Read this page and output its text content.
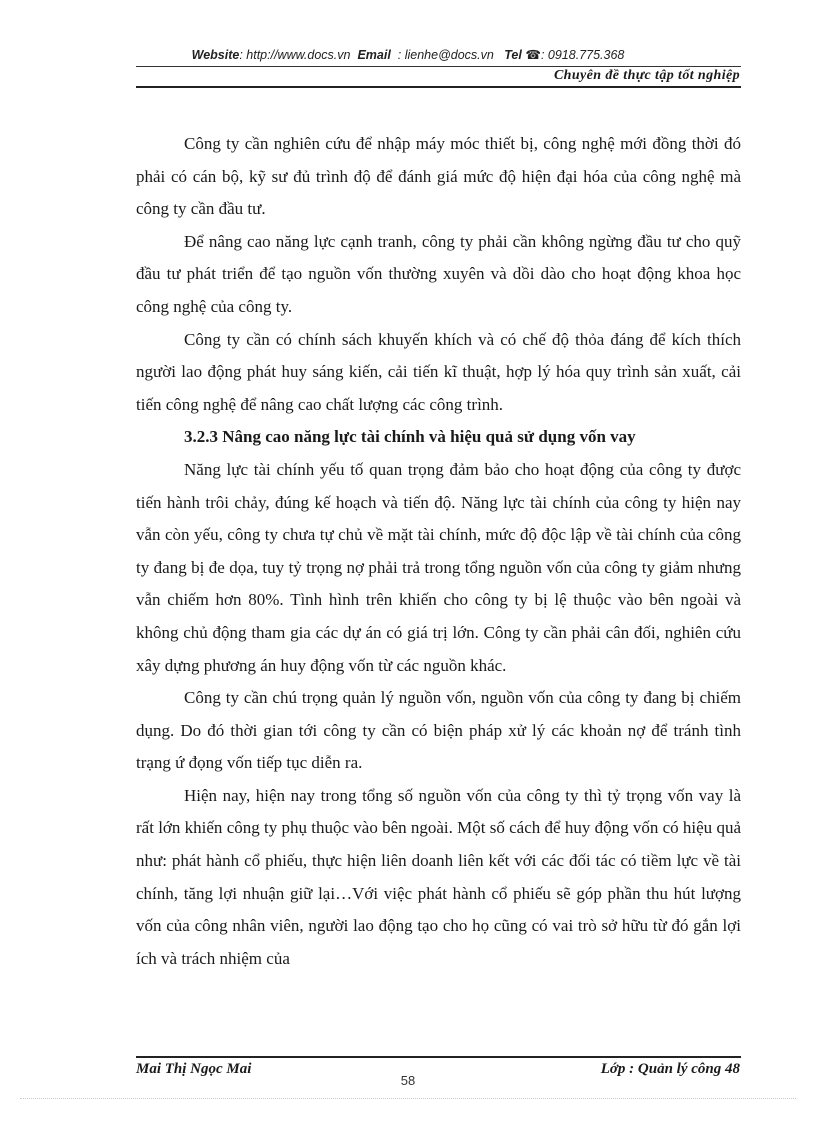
Website: http://www.docs.vn Email : lienhe@docs.vn Tel ☎: 0918.775.368
Chuyên đề thực tập tốt nghiệp

Công ty cần nghiên cứu để nhập máy móc thiết bị, công nghệ mới đồng thời đó phải có cán bộ, kỹ sư đủ trình độ để đánh giá mức độ hiện đại hóa của công nghệ mà công ty cần đầu tư.

Để nâng cao năng lực cạnh tranh, công ty phải cần không ngừng đầu tư cho quỹ đầu tư phát triển để tạo nguồn vốn thường xuyên và dồi dào cho hoạt động khoa học công nghệ của công ty.

Công ty cần có chính sách khuyến khích và có chế độ thỏa đáng để kích thích người lao động phát huy sáng kiến, cải tiến kĩ thuật, hợp lý hóa quy trình sản xuất, cải tiến công nghệ để nâng cao chất lượng các công trình.

3.2.3 Nâng cao năng lực tài chính và hiệu quả sử dụng vốn vay

Năng lực tài chính yếu tố quan trọng đảm bảo cho hoạt động của công ty được tiến hành trôi chảy, đúng kế hoạch và tiến độ. Năng lực tài chính của công ty hiện nay vẫn còn yếu, công ty chưa tự chủ về mặt tài chính, mức độ độc lập về tài chính của công ty đang bị đe dọa, tuy tỷ trọng nợ phải trả trong tổng nguồn vốn của công ty giảm nhưng vẫn chiếm hơn 80%. Tình hình trên khiến cho công ty bị lệ thuộc vào bên ngoài và không chủ động tham gia các dự án có giá trị lớn. Công ty cần phải cân đối, nghiên cứu xây dựng phương án huy động vốn từ các nguồn khác.

Công ty cần chú trọng quản lý nguồn vốn, nguồn vốn của công ty đang bị chiếm dụng. Do đó thời gian tới công ty cần có biện pháp xử lý các khoản nợ để tránh tình trạng ứ đọng vốn tiếp tục diễn ra.

Hiện nay, hiện nay trong tổng số nguồn vốn của công ty thì tỷ trọng vốn vay là rất lớn khiến công ty phụ thuộc vào bên ngoài. Một số cách để huy động vốn có hiệu quả như: phát hành cổ phiếu, thực hiện liên doanh liên kết với các đối tác có tiềm lực về tài chính, tăng lợi nhuận giữ lại…Với việc phát hành cổ phiếu sẽ góp phần thu hút lượng vốn của công nhân viên, người lao động tạo cho họ cũng có vai trò sở hữu từ đó gắn lợi ích và trách nhiệm của

Mai Thị Ngọc Mai	Lớp : Quản lý công 48
58
